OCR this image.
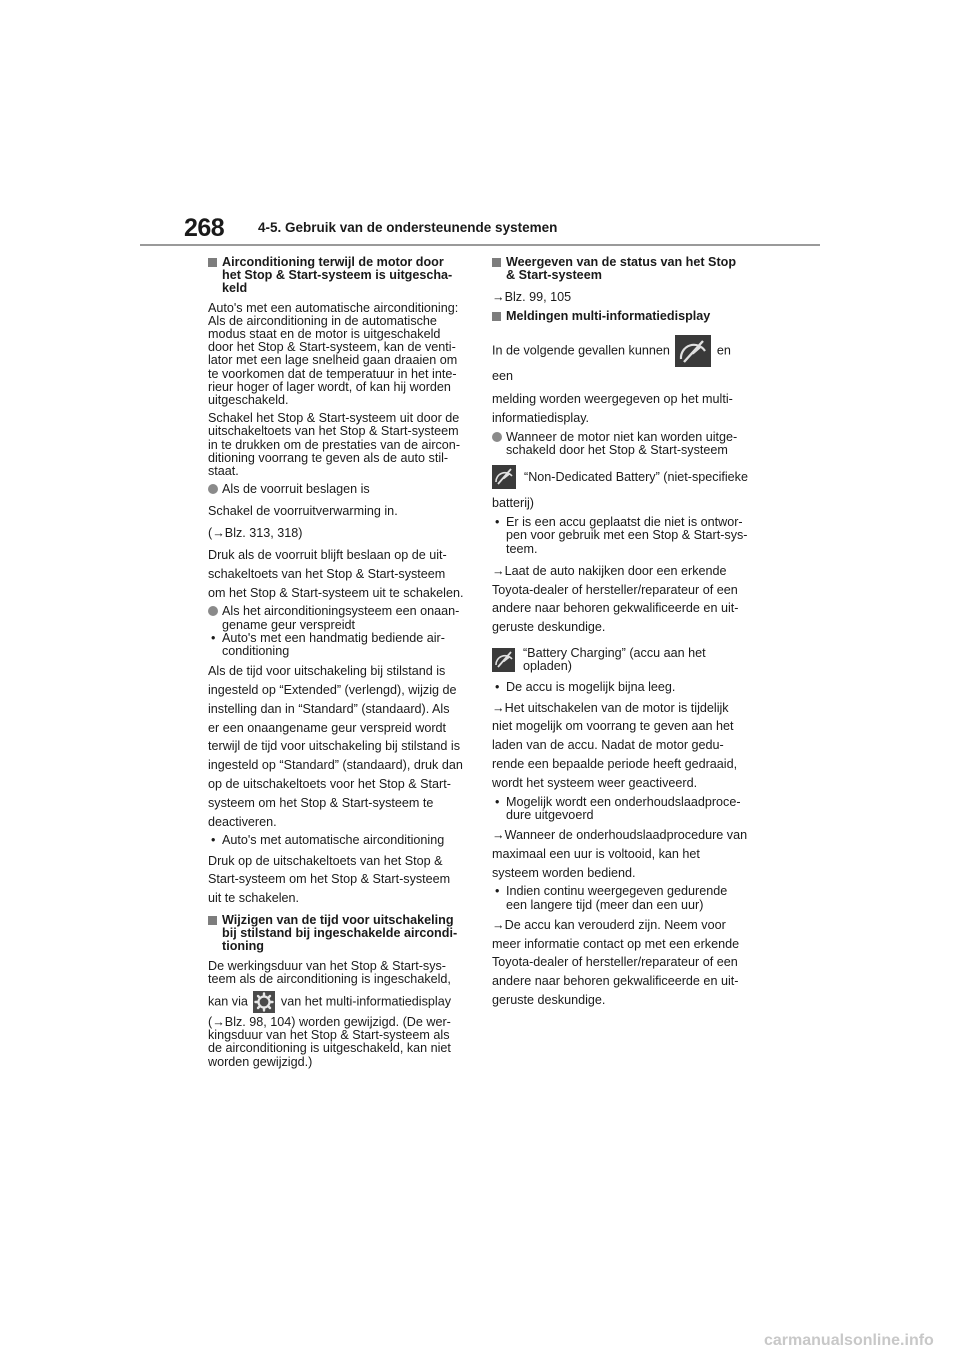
268	4-5. Gebruik van de ondersteunende systemen
Airconditioning terwijl de motor door het Stop & Start-systeem is uitgescha-keld
Auto's met een automatische airconditioning: Als de airconditioning in de automatische modus staat en de motor is uitgeschakeld door het Stop & Start-systeem, kan de venti-lator met een lage snelheid gaan draaien om te voorkomen dat de temperatuur in het inte-rieur hoger of lager wordt, of kan hij worden uitgeschakeld.
Schakel het Stop & Start-systeem uit door de uitschakeltoets van het Stop & Start-systeem in te drukken om de prestaties van de aircon-ditioning voorrang te geven als de auto stil-staat.
Als de voorruit beslagen is
Schakel de voorruitverwarming in.
(→Blz. 313, 318)
Druk als de voorruit blijft beslaan op de uit-schakeltoets van het Stop & Start-systeem om het Stop & Start-systeem uit te schakelen.
Als het airconditioningsysteem een onaan-gename geur verspreidt
• Auto's met een handmatig bediende air-conditioning
Als de tijd voor uitschakeling bij stilstand is ingesteld op “Extended” (verlengd), wijzig de instelling dan in “Standard” (standaard). Als er een onaangename geur verspreid wordt terwijl de tijd voor uitschakeling bij stilstand is ingesteld op “Standard” (standaard), druk dan op de uitschakeltoets voor het Stop & Start-systeem om het Stop & Start-systeem te deactiveren.
• Auto's met automatische airconditioning
Druk op de uitschakeltoets van het Stop & Start-systeem om het Stop & Start-systeem uit te schakelen.
Wijzigen van de tijd voor uitschakeling bij stilstand bij ingeschakelde aircondi-tioning
De werkingsduur van het Stop & Start-sys-teem als de airconditioning is ingeschakeld,
kan via	van het multi-informatiedisplay
(→Blz. 98, 104) worden gewijzigd. (De wer-kingsduur van het Stop & Start-systeem als de airconditioning is uitgeschakeld, kan niet worden gewijzigd.)
Weergeven van de status van het Stop & Start-systeem
→Blz. 99, 105
Meldingen multi-informatiedisplay
In de volgende gevallen kunnen	en een
melding worden weergegeven op het multi-informatiedisplay.
Wanneer de motor niet kan worden uitge-schakeld door het Stop & Start-systeem
“Non-Dedicated Battery” (niet-specifieke
batterij)
• Er is een accu geplaatst die niet is ontwor-pen voor gebruik met een Stop & Start-sys-teem.
→Laat de auto nakijken door een erkende Toyota-dealer of hersteller/reparateur of een andere naar behoren gekwalificeerde en uit-geruste deskundige.
“Battery Charging” (accu aan het opladen)
• De accu is mogelijk bijna leeg.
→Het uitschakelen van de motor is tijdelijk niet mogelijk om voorrang te geven aan het laden van de accu. Nadat de motor gedu-rende een bepaalde periode heeft gedraaid, wordt het systeem weer geactiveerd.
• Mogelijk wordt een onderhoudslaadproce-dure uitgevoerd
→Wanneer de onderhoudslaadprocedure van maximaal een uur is voltooid, kan het systeem worden bediend.
• Indien continu weergegeven gedurende een langere tijd (meer dan een uur)
→De accu kan verouderd zijn. Neem voor meer informatie contact op met een erkende Toyota-dealer of hersteller/reparateur of een andere naar behoren gekwalificeerde en uit-geruste deskundige.
carmanualsonline.info
